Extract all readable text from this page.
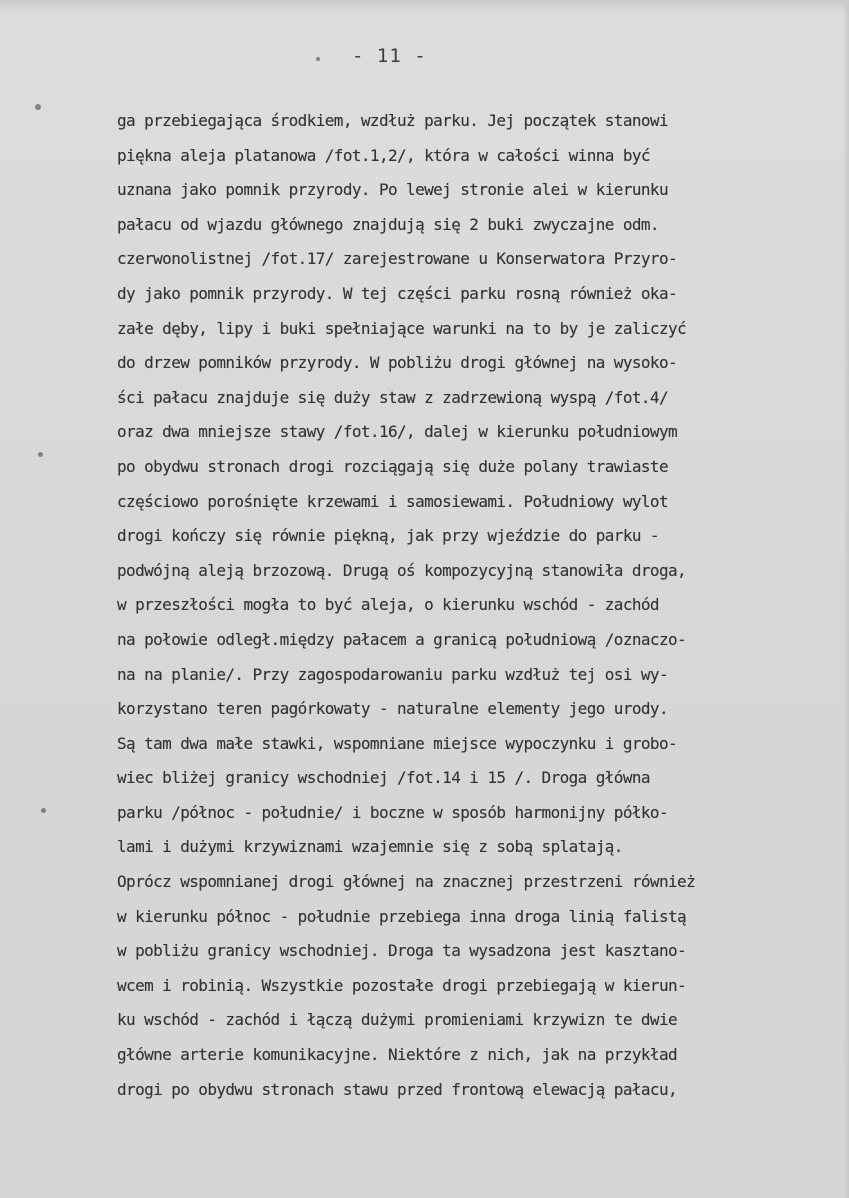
- 11 -
ga przebiegająca środkiem, wzdłuż parku. Jej początek stanowi
piękna aleja platanowa /fot.1,2/, która w całości winna być
uznana jako pomnik przyrody. Po lewej stronie alei w kierunku
pałacu od wjazdu głównego znajdują się 2 buki zwyczajne odm.
czerwonolistnej /fot.17/ zarejestrowane u Konserwatora Przyro-
dy jako pomnik przyrody. W tej części parku rosną również oka-
załe dęby, lipy i buki spełniające warunki na to by je zaliczyć
do drzew pomników przyrody. W pobliżu drogi głównej na wysoko-
ści pałacu znajduje się duży staw z zadrzewioną wyspą /fot.4/
oraz dwa mniejsze stawy /fot.16/, dalej w kierunku południowym
po obydwu stronach drogi rozciągają się duże polany trawiaste
częściowo porośnięte krzewami i samosiewami. Południowy wylot
drogi kończy się równie piękną, jak przy wjeździe do parku -
podwójną aleją brzozową. Drugą oś kompozycyjną stanowiła droga,
w przeszłości mogła to być aleja, o kierunku wschód - zachód
na połowie odległ.między pałacem a granicą południową /oznaczo-
na na planie/. Przy zagospodarowaniu parku wzdłuż tej osi wy-
korzystano teren pagórkowaty - naturalne elementy jego urody.
Są tam dwa małe stawki, wspomniane miejsce wypoczynku i grobo-
wiec bliżej granicy wschodniej /fot.14 i 15 /. Droga główna
parku /północ - południe/ i boczne w sposób harmonijny półko-
lami i dużymi krzywiznami wzajemnie się z sobą splatają.
Oprócz wspomnianej drogi głównej na znacznej przestrzeni również
w kierunku północ - południe przebiega inna droga linią falistą
w pobliżu granicy wschodniej. Droga ta wysadzona jest kasztano-
wcem i robinią. Wszystkie pozostałe drogi przebiegają w kierun-
ku wschód - zachód i łączą dużymi promieniami krzywizn te dwie
główne arterie komunikacyjne. Niektóre z nich, jak na przykład
drogi po obydwu stronach stawu przed frontową elewacją pałacu,
